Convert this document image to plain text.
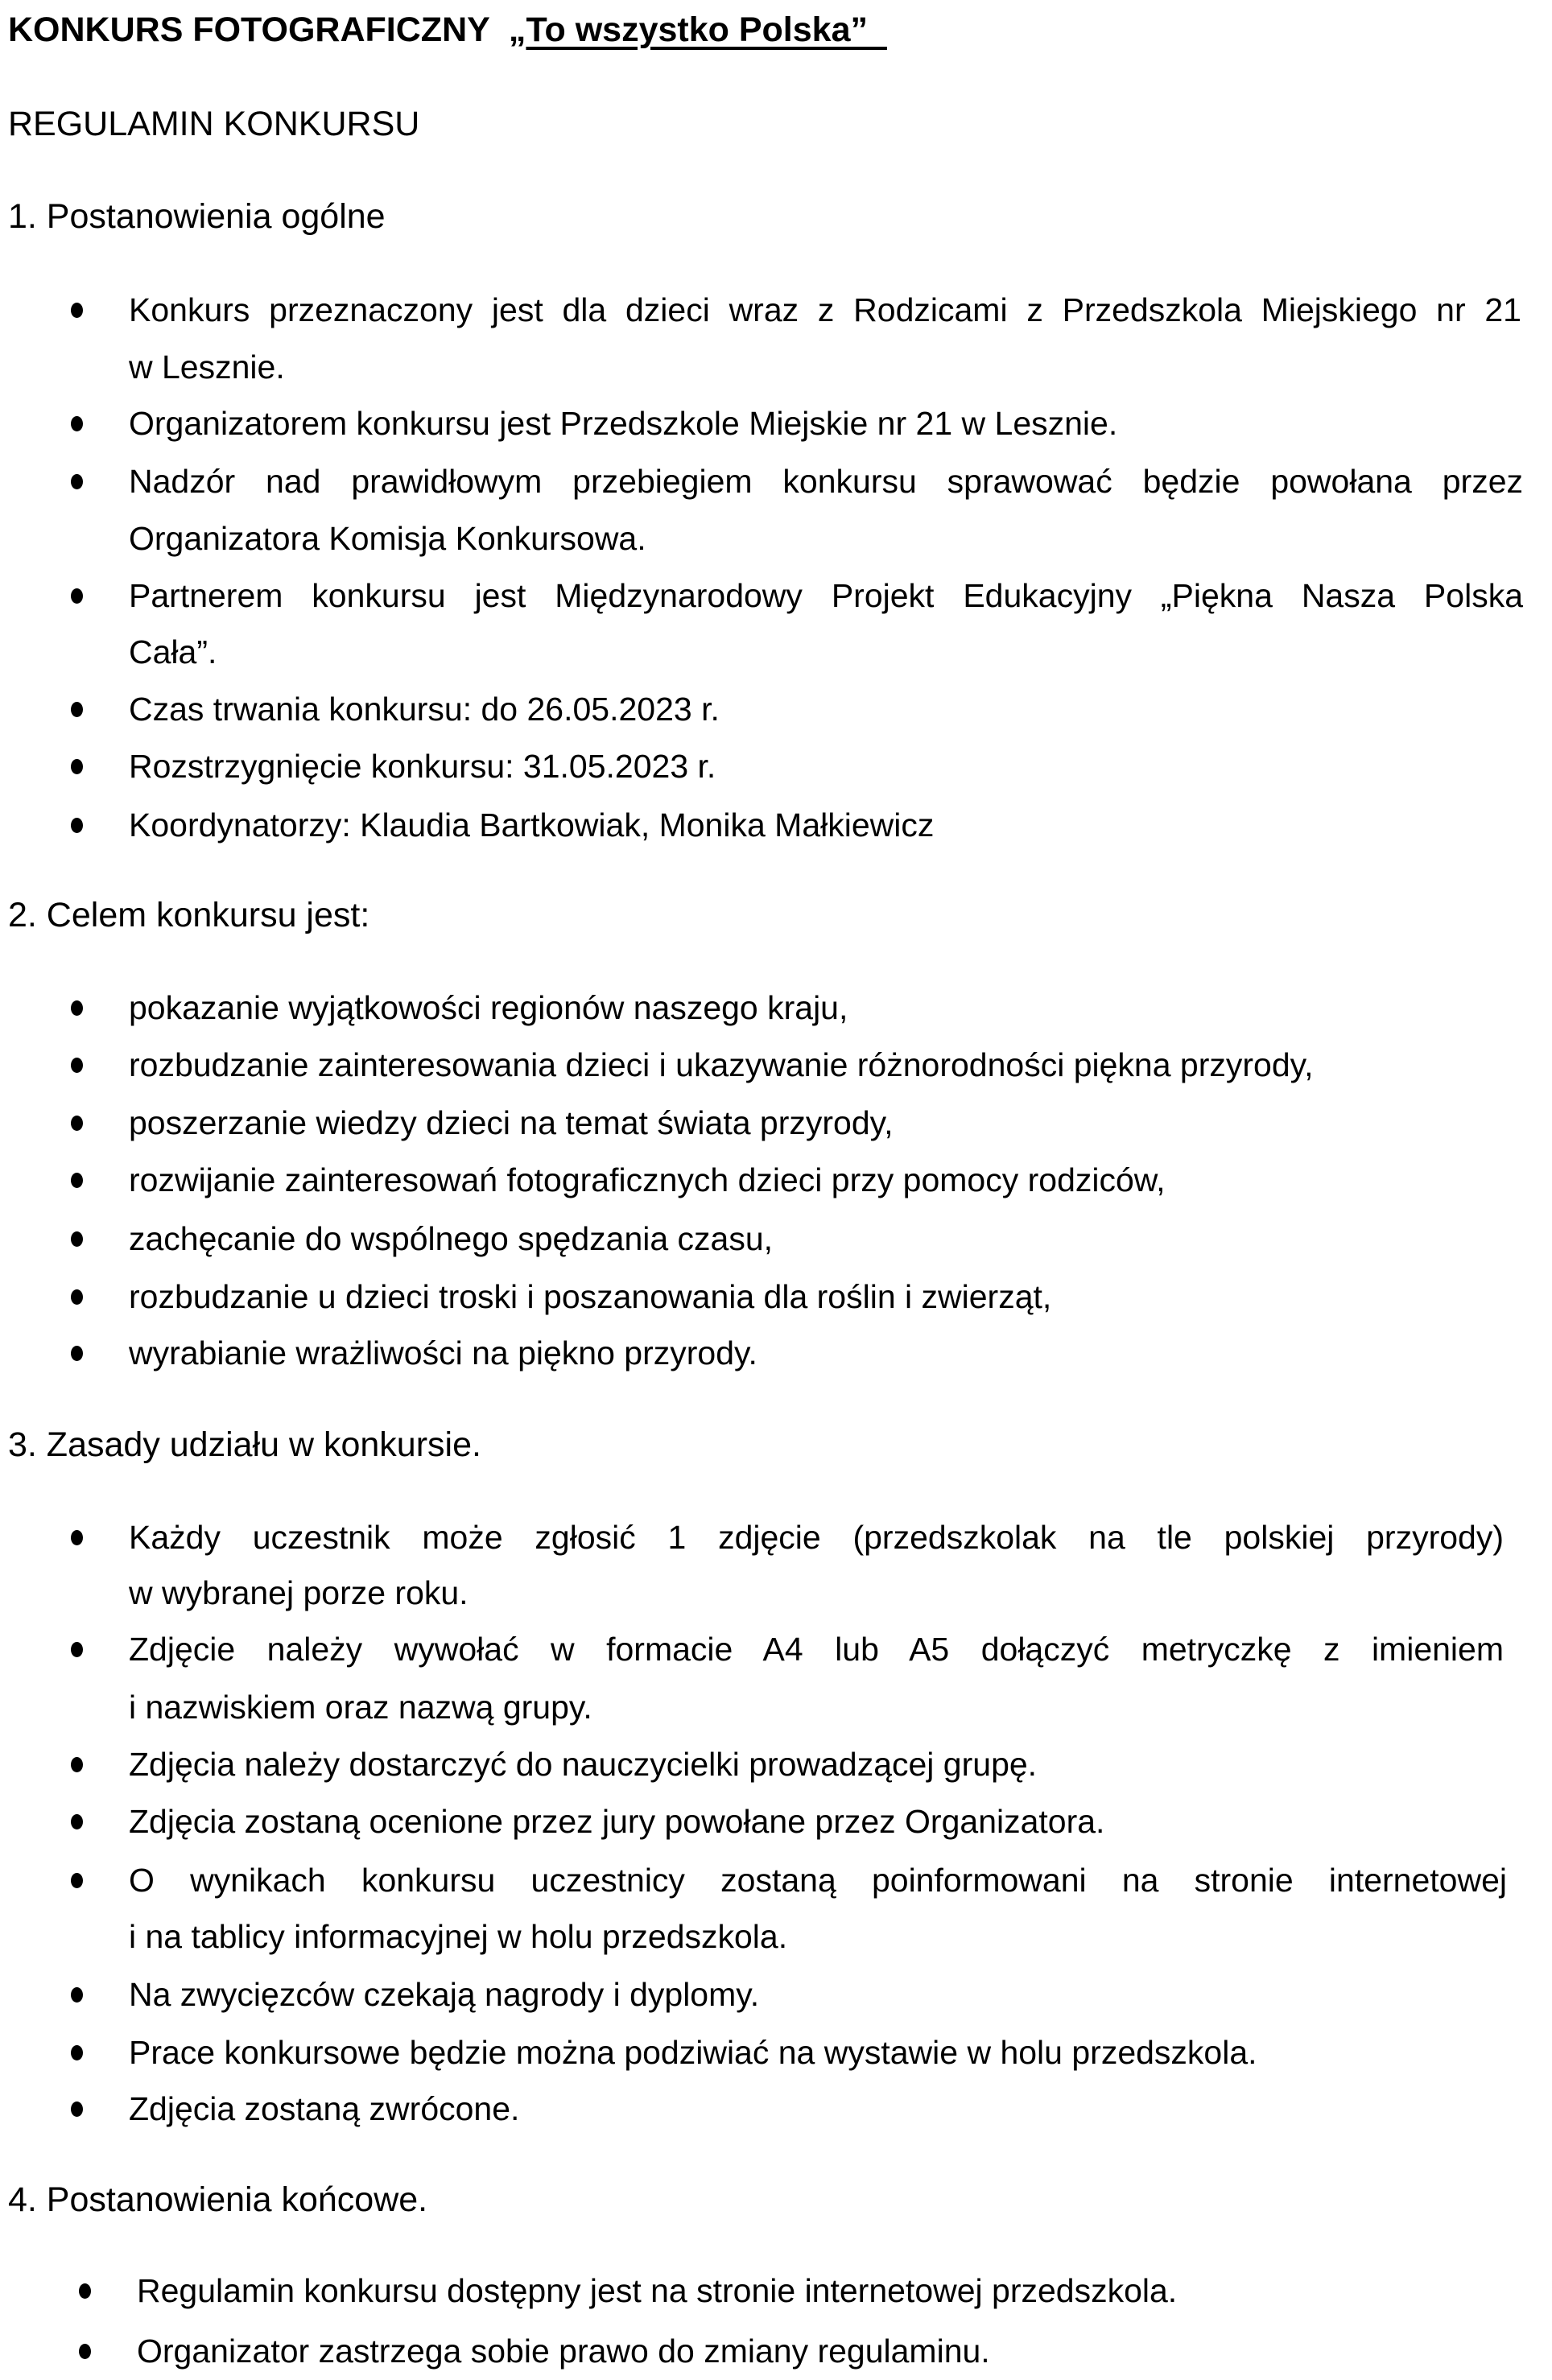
KONKURS FOTOGRAFICZNY  „To wszystko Polska”
REGULAMIN KONKURSU
1. Postanowienia ogólne
Konkurs przeznaczony jest dla dzieci wraz z Rodzicami z Przedszkola Miejskiego nr 21
w Lesznie.
Organizatorem konkursu jest Przedszkole Miejskie nr 21 w Lesznie.
Nadzór nad prawidłowym przebiegiem konkursu sprawować będzie powołana przez
Organizatora Komisja Konkursowa.
Partnerem konkursu jest Międzynarodowy Projekt Edukacyjny „Piękna Nasza Polska
Cała”.
Czas trwania konkursu: do 26.05.2023 r.
Rozstrzygnięcie konkursu: 31.05.2023 r.
Koordynatorzy: Klaudia Bartkowiak, Monika Małkiewicz
2. Celem konkursu jest:
pokazanie wyjątkowości regionów naszego kraju,
rozbudzanie zainteresowania dzieci i ukazywanie różnorodności piękna przyrody,
poszerzanie wiedzy dzieci na temat świata przyrody,
rozwijanie zainteresowań fotograficznych dzieci przy pomocy rodziców,
zachęcanie do wspólnego spędzania czasu,
rozbudzanie u dzieci troski i poszanowania dla roślin i zwierząt,
wyrabianie wrażliwości na piękno przyrody.
3. Zasady udziału w konkursie.
Każdy uczestnik może zgłosić 1 zdjęcie (przedszkolak na tle polskiej przyrody)
w wybranej porze roku.
Zdjęcie należy wywołać w formacie A4 lub A5 dołączyć metryczkę z imieniem
i nazwiskiem oraz nazwą grupy.
Zdjęcia należy dostarczyć do nauczycielki prowadzącej grupę.
Zdjęcia zostaną ocenione przez jury powołane przez Organizatora.
O wynikach konkursu uczestnicy zostaną poinformowani na stronie internetowej
i na tablicy informacyjnej w holu przedszkola.
Na zwycięzców czekają nagrody i dyplomy.
Prace konkursowe będzie można podziwiać na wystawie w holu przedszkola.
Zdjęcia zostaną zwrócone.
4. Postanowienia końcowe.
Regulamin konkursu dostępny jest na stronie internetowej przedszkola.
Organizator zastrzega sobie prawo do zmiany regulaminu.
